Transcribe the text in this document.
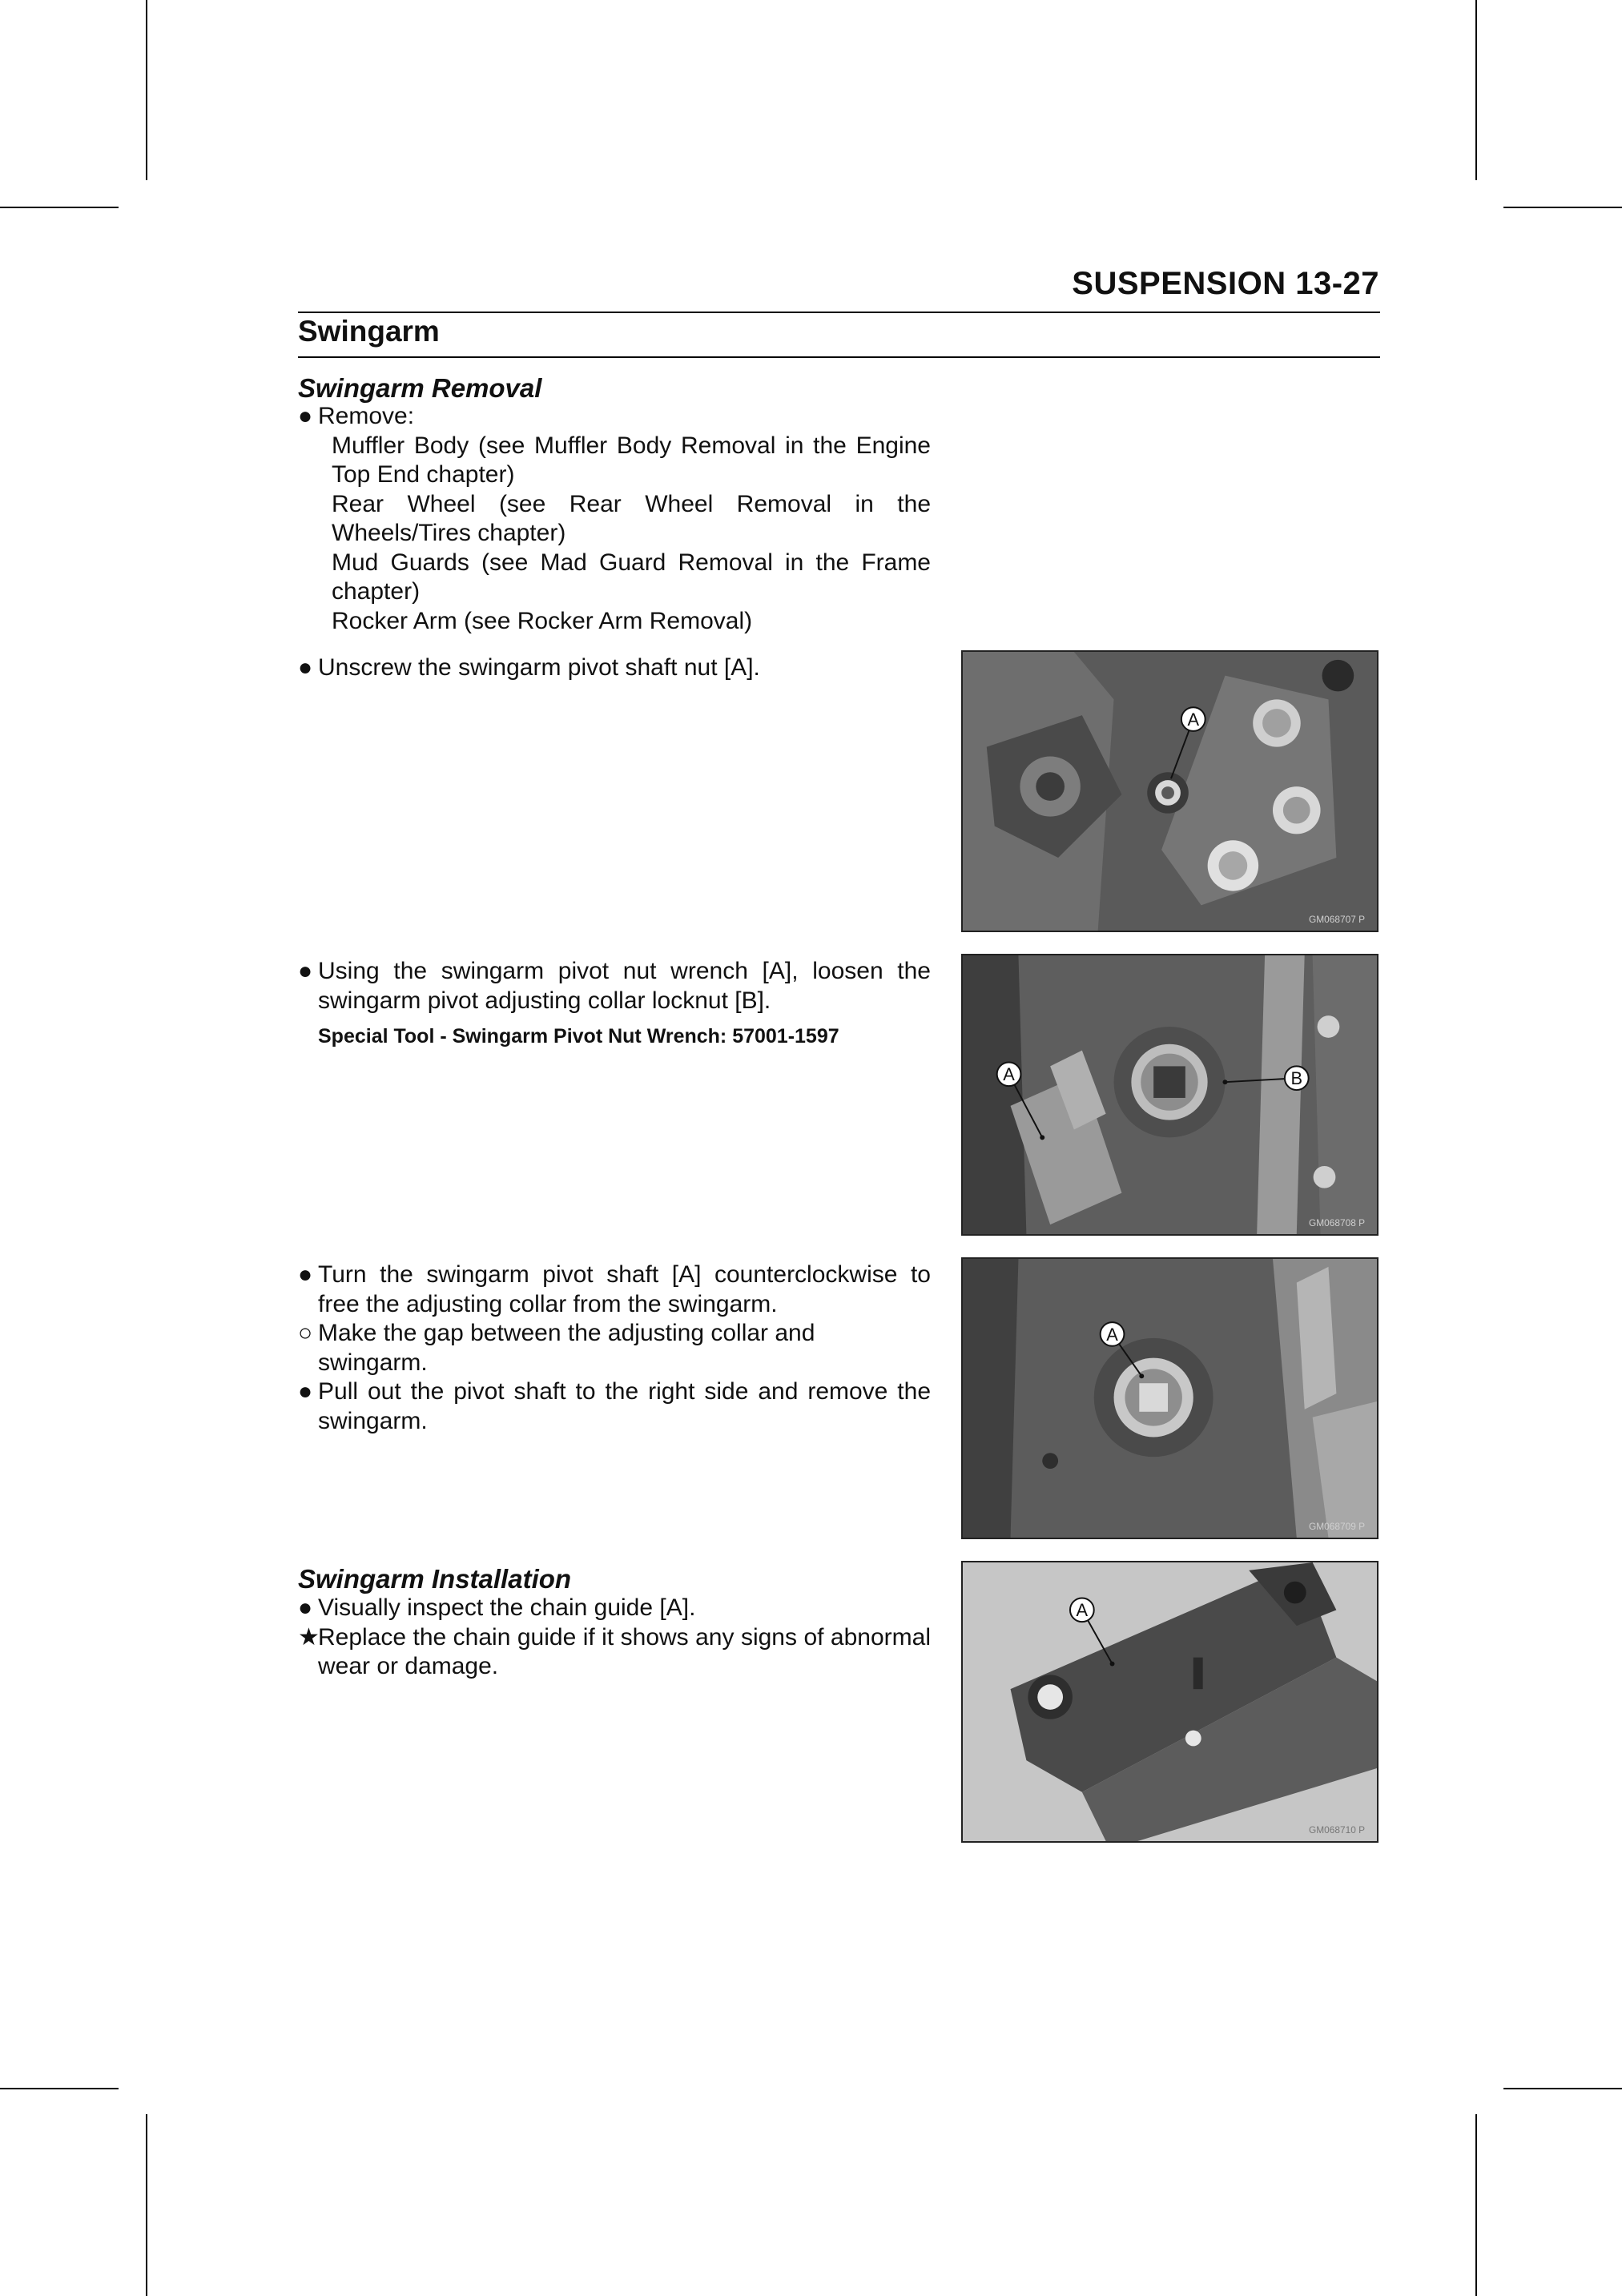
SUSPENSION 13-27
Swingarm
Swingarm Removal
● Remove:
Muffler Body (see Muffler Body Removal in the Engine Top End chapter)
Rear Wheel (see Rear Wheel Removal in the Wheels/Tires chapter)
Mud Guards (see Mad Guard Removal in the Frame chapter)
Rocker Arm (see Rocker Arm Removal)
● Unscrew the swingarm pivot shaft nut [A].
● Using the swingarm pivot nut wrench [A], loosen the swingarm pivot adjusting collar locknut [B].
Special Tool - Swingarm Pivot Nut Wrench: 57001-1597
● Turn the swingarm pivot shaft [A] counterclockwise to free the adjusting collar from the swingarm.
○ Make the gap between the adjusting collar and swingarm.
● Pull out the pivot shaft to the right side and remove the swingarm.
Swingarm Installation
● Visually inspect the chain guide [A].
★
Replace the chain guide if it shows any signs of abnormal wear or damage.
A
GM068707 P
A	B
GM068708 P
A
GM068709 P
A
GM068710 P
